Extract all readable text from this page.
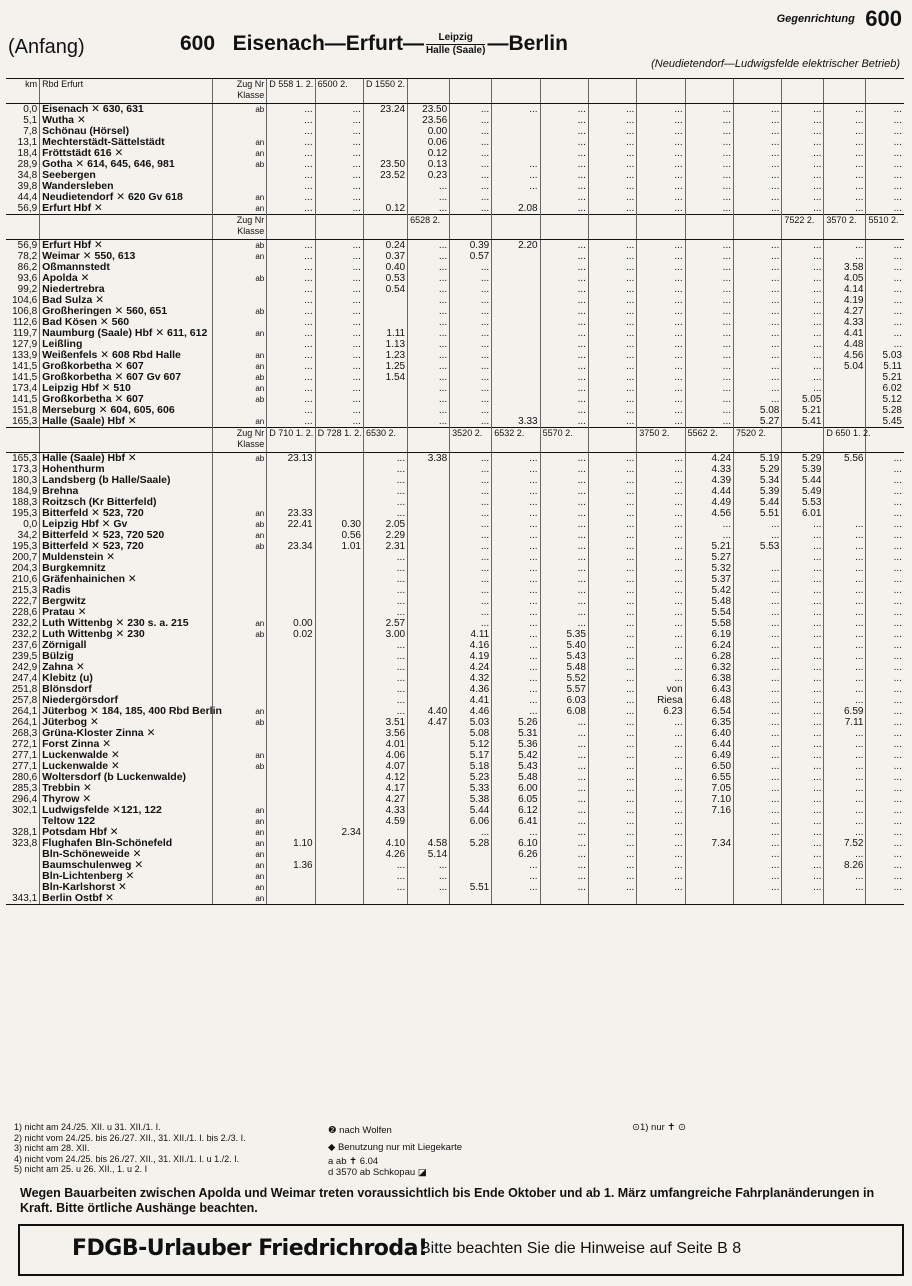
Gegenrichtung 600
(Anfang)	600 Eisenach—Erfurt— $\frac{\text{Leipzig}}{\text{Halle (Saale)}}$ —Berlin
(Neudietendorf—Ludwigsfelde elektrischer Betrieb)
km	Rbd Erfurt	Zug Nr
Klasse	D 558 1. 2.	6500 2.	D 1550 2.											
0,0	Eisenach ✕ 630, 631	ab	...	...	23.24	23.50	...	...	...	...	...	...	...	...	...	...
5,1	Wutha ✕		...	...		23.56	...		...	...	...	...	...	...	...	...
7,8	Schönau (Hörsel)		...	...		0.00	...		...	...	...	...	...	...	...	...
13,1	Mechterstädt-Sättelstädt	an	...	...		0.06	...		...	...	...	...	...	...	...	...
18,4	Fröttstädt 616 ✕	an	...	...		0.12	...		...	...	...	...	...	...	...	...
28,9	Gotha ✕ 614, 645, 646, 981	ab	...	...	23.50	0.13	...	...	...	...	...	...	...	...	...	...
34,8	Seebergen		...	...	23.52	0.23	...	...	...	...	...	...	...	...	...	...
39,8	Wandersleben		...	...		...	...	...	...	...	...	...	...	...	...	...
44,4	Neudietendorf ✕ 620 Gv 618	an	...	...		...	...		...	...	...	...	...	...	...	...
56,9	Erfurt Hbf ✕	an	...	...	0.12	...	...	2.08	...	...	...	...	...	...	...	...

		Zug Nr
Klasse				6528 2.								7522 2.	3570 2.	5510 2.
56,9	Erfurt Hbf ✕	ab	...	...	0.24	...	0.39	2.20	...	...	...	...	...	...	...	...
78,2	Weimar ✕ 550, 613	an	...	...	0.37	...	0.57		...	...	...	...	...	...	...	...
86,2	Oßmannstedt		...	...	0.40	...	...		...	...	...	...	...	...	3.58	...
93,6	Apolda ✕	ab	...	...	0.53	...	...		...	...	...	...	...	...	4.05	...
99,2	Niedertrebra		...	...	0.54	...	...		...	...	...	...	...	...	4.14	...
104,6	Bad Sulza ✕		...	...		...	...		...	...	...	...	...	...	4.19	...
106,8	Großheringen ✕ 560, 651	ab	...	...		...	...		...	...	...	...	...	...	4.27	...
112,6	Bad Kösen ✕ 560		...	...		...	...		...	...	...	...	...	...	4.33	...
119,7	Naumburg (Saale) Hbf ✕ 611, 612	an	...	...	1.11	...	...		...	...	...	...	...	...	4.41	...
127,9	Leißling		...	...	1.13	...	...		...	...	...	...	...	...	4.48	...
133,9	Weißenfels ✕ 608 Rbd Halle	an	...	...	1.23	...	...		...	...	...	...	...	...	4.56	5.03
141,5	Großkorbetha ✕ 607	an	...	...	1.25	...	...		...	...	...	...	...	...	5.04	5.11
141,5	Großkorbetha ✕ 607 Gv 607	ab	...	...	1.54	...	...		...	...	...	...	...	...		5.21
173,4	Leipzig Hbf ✕ 510	an	...	...		...	...		...	...	...	...	...	...		6.02
141,5	Großkorbetha ✕ 607	ab	...	...		...	...		...	...	...	...	...	5.05		5.12
151,8	Merseburg ✕ 604, 605, 606		...	...		...	...		...	...	...	...	5.08	5.21		5.28
165,3	Halle (Saale) Hbf ✕	an	...	...		...	...	3.33	...	...	...	...	5.27	5.41		5.45

		Zug Nr
Klasse	D 710 1. 2.	D 728 1. 2.	6530 2.		3520 2.	6532 2.	5570 2.		3750 2.	5562 2.	7520 2.		D 650 1. 2.	
165,3	Halle (Saale) Hbf ✕	ab	23.13		...	3.38	...	...	...	...	...	4.24	5.19	5.29	5.56	...
173,3	Hohenthurm				...		...	...	...	...	...	4.33	5.29	5.39		...
180,3	Landsberg (b Halle/Saale)				...		...	...	...	...	...	4.39	5.34	5.44		...
184,9	Brehna				...		...	...	...	...	...	4.44	5.39	5.49		...
188,3	Roitzsch (Kr Bitterfeld)				...		...	...	...	...	...	4.49	5.44	5.53		...
195,3	Bitterfeld ✕ 523, 720	an	23.33		...		...	...	...	...	...	4.56	5.51	6.01		...
0,0	Leipzig Hbf ✕ Gv	ab	22.41	0.30	2.05		...	...	...	...	...	...	...	...	...	...
34,2	Bitterfeld ✕ 523, 720 520	an		0.56	2.29		...	...	...	...	...	...	...	...	...	...
195,3	Bitterfeld ✕ 523, 720	ab	23.34	1.01	2.31		...	...	...	...	...	5.21	5.53	...	...	...
200,7	Muldenstein ✕				...		...	...	...	...	...	5.27		...	...	...
204,3	Burgkemnitz				...		...	...	...	...	...	5.32	...	...	...	...
210,6	Gräfenhainichen ✕				...		...	...	...	...	...	5.37	...	...	...	...
215,3	Radis				...		...	...	...	...	...	5.42	...	...	...	...
222,7	Bergwitz				...		...	...	...	...	...	5.48	...	...	...	...
228,6	Pratau ✕				...		...	...	...	...	...	5.54	...	...	...	...
232,2	Luth Wittenbg ✕ 230 s. a. 215	an	0.00		2.57		...	...	...	...	...	5.58	...	...	...	...
232,2	Luth Wittenbg ✕ 230	ab	0.02		3.00		4.11	...	5.35	...	...	6.19	...	...	...	...
237,6	Zörnigall				...		4.16	...	5.40	...	...	6.24	...	...	...	...
239,5	Bülzig				...		4.19	...	5.43	...	...	6.28	...	...	...	...
242,9	Zahna ✕				...		4.24	...	5.48	...	...	6.32	...	...	...	...
247,4	Klebitz (u)				...		4.32	...	5.52	...	...	6.38	...	...	...	...
251,8	Blönsdorf				...		4.36	...	5.57	...	von	6.43	...	...	...	...
257,8	Niedergörsdorf				...		4.41	...	6.03	...	Riesa	6.48	...	...	...	...
264,1	Jüterbog ✕ 184, 185, 400 Rbd Berlin	an			...	4.40	4.46	...	6.08	...	6.23	6.54	...	...	6.59	...
264,1	Jüterbog ✕	ab			3.51	4.47	5.03	5.26	...	...	...	6.35	...	...	7.11	...
268,3	Grüna-Kloster Zinna ✕				3.56		5.08	5.31	...	...	...	6.40	...	...	...	...
272,1	Forst Zinna ✕				4.01		5.12	5.36	...	...	...	6.44	...	...	...	...
277,1	Luckenwalde ✕	an			4.06		5.17	5.42	...	...	...	6.49	...	...	...	...
277,1	Luckenwalde ✕	ab			4.07		5.18	5.43	...	...	...	6.50	...	...	...	...
280,6	Woltersdorf (b Luckenwalde)				4.12		5.23	5.48	...	...	...	6.55	...	...	...	...
285,3	Trebbin ✕				4.17		5.33	6.00	...	...	...	7.05	...	...	...	...
296,4	Thyrow ✕				4.27		5.38	6.05	...	...	...	7.10	...	...	...	...
302,1	Ludwigsfelde ✕121, 122	an			4.33		5.44	6.12	...	...	...	7.16	...	...	...	...
	Teltow 122	an			4.59		6.06	6.41	...	...	...		...	...	...	...
328,1	Potsdam Hbf ✕	an		2.34			...	...	...	...	...		...	...	...	...
323,8	Flughafen Bln-Schönefeld	an	1.10		4.10	4.58	5.28	6.10	...	...	...	7.34	...	...	7.52	...
	Bln-Schöneweide ✕	an			4.26	5.14		6.26	...	...	...		...	...	...	...
	Baumschulenweg ✕	an	1.36		...	...		...	...	...	...		...	...	8.26	...
	Bln-Lichtenberg ✕	an			...	...		...	...	...	...		...	...	...	...
	Bln-Karlshorst ✕	an			...	...	5.51	...	...	...	...		...	...	...	...
343,1	Berlin Ostbf ✕	an														
1) nicht am 24./25. XII. u 31. XII./1. I.
2) nicht vom 24./25. bis 26./27. XII., 31. XII./1. I. bis 2./3. I.
3) nicht am 28. XII.
4) nicht vom 24./25. bis 26./27. XII., 31. XII./1. I. u 1./2. I.
5) nicht am 25. u 26. XII., 1. u 2. I
❷ nach Wolfen
◆ Benutzung nur mit Liegekarte
a ab ✝ 6.04
d 3570 ab Schkopau ◪
⊙1) nur ✝ ⊙
Wegen Bauarbeiten zwischen Apolda und Weimar treten voraussichtlich bis Ende Oktober und ab 1. März umfangreiche Fahrplanänderungen in Kraft. Bitte örtliche Aushänge beachten.
FDGB-Urlauber Friedrichroda!
Bitte beachten Sie die Hinweise auf Seite B 8
